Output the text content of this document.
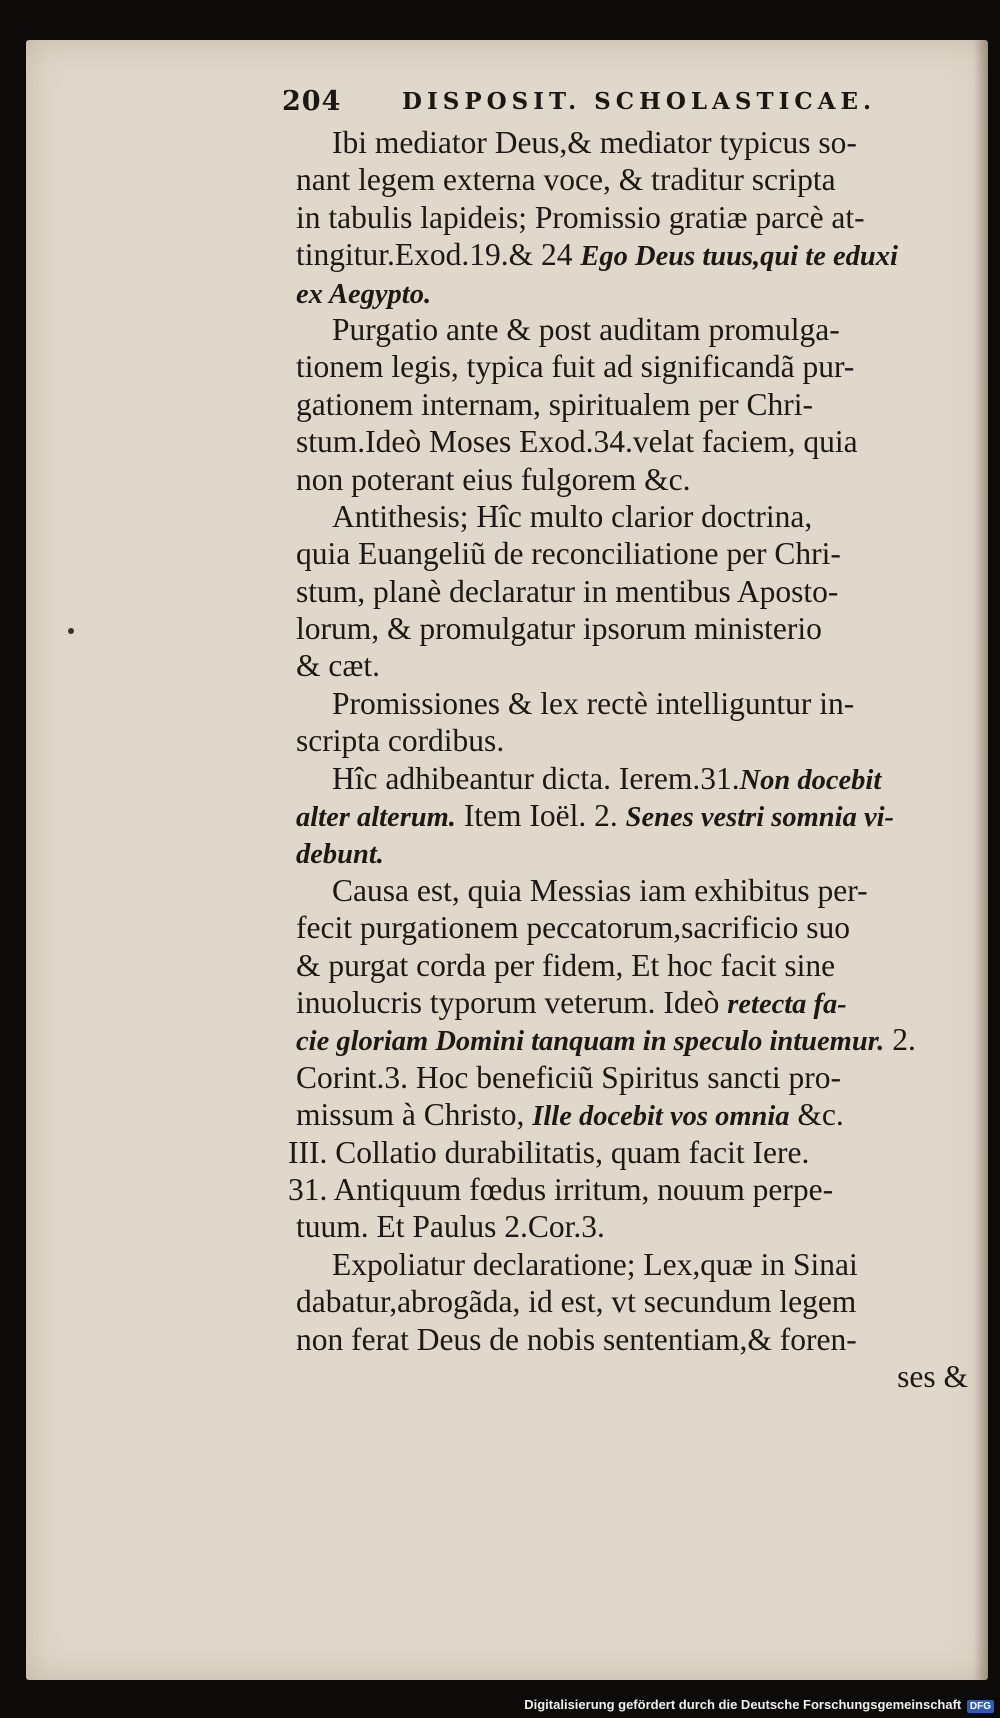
204	DISPOSIT. SCHOLASTICAE.
Ibi mediator Deus,& mediator typicus so-
nant legem externa voce, & traditur scripta
in tabulis lapideis; Promissio gratiæ parcè at-
tingitur.Exod.19.& 24 Ego Deus tuus,qui te eduxi
ex Aegypto.
Purgatio ante & post auditam promulga-
tionem legis, typica fuit ad significandã pur-
gationem internam, spiritualem per Chri-
stum.Ideò Moses Exod.34.velat faciem, quia
non poterant eius fulgorem &c.
Antithesis; Hîc multo clarior doctrina,
quia Euangeliũ de reconciliatione per Chri-
stum, planè declaratur in mentibus Aposto-
lorum, & promulgatur ipsorum ministerio
& cæt.
Promissiones & lex rectè intelliguntur in-
scripta cordibus.
Hîc adhibeantur dicta. Ierem.31.Non docebit
alter alterum. Item Ioël. 2. Senes vestri somnia vi-
debunt.
Causa est, quia Messias iam exhibitus per-
fecit purgationem peccatorum,sacrificio suo
& purgat corda per fidem, Et hoc facit sine
inuolucris typorum veterum. Ideò retecta fa-
cie gloriam Domini tanquam in speculo intuemur. 2.
Corint.3. Hoc beneficiũ Spiritus sancti pro-
missum à Christo, Ille docebit vos omnia &c.
III. Collatio durabilitatis, quam facit Iere.
31. Antiquum fœdus irritum, nouum perpe-
tuum. Et Paulus 2.Cor.3.
Expoliatur declaratione; Lex,quæ in Sinai
dabatur,abrogãda, id est, vt secundum legem
non ferat Deus de nobis sententiam,& foren-
ses &
Digitalisierung gefördert durch die Deutsche Forschungsgemeinschaft DFG
